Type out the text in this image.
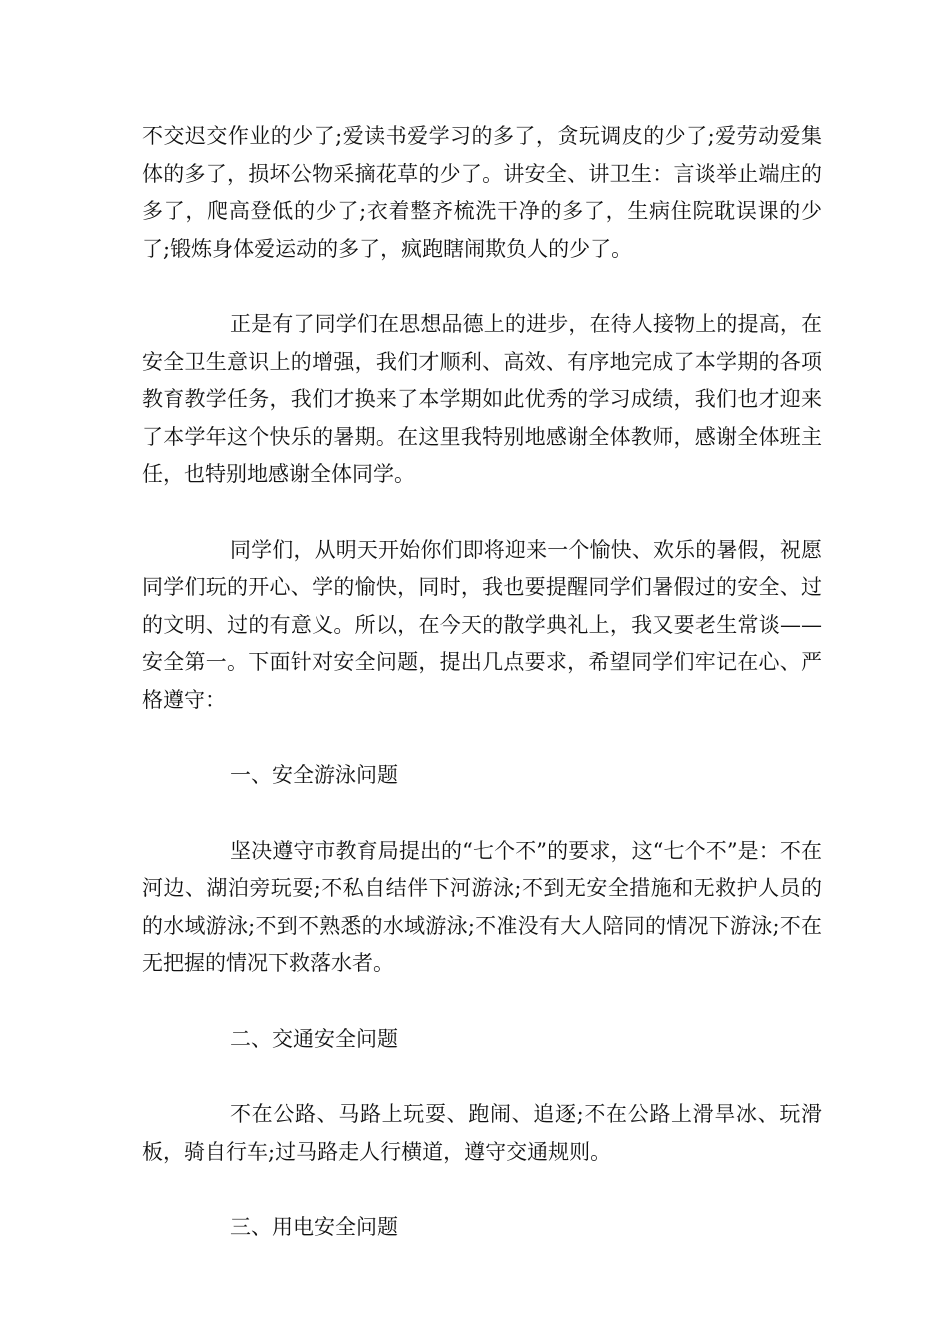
不交迟交作业的少了;爱读书爱学习的多了，贪玩调皮的少了;爱劳动爱集体的多了，损坏公物采摘花草的少了。讲安全、讲卫生：言谈举止端庄的多了，爬高登低的少了;衣着整齐梳洗干净的多了，生病住院耽误课的少了;锻炼身体爱运动的多了，疯跑瞎闹欺负人的少了。

正是有了同学们在思想品德上的进步，在待人接物上的提高，在安全卫生意识上的增强，我们才顺利、高效、有序地完成了本学期的各项教育教学任务，我们才换来了本学期如此优秀的学习成绩，我们也才迎来了本学年这个快乐的暑期。在这里我特别地感谢全体教师，感谢全体班主任，也特别地感谢全体同学。

同学们，从明天开始你们即将迎来一个愉快、欢乐的暑假，祝愿同学们玩的开心、学的愉快，同时，我也要提醒同学们暑假过的安全、过的文明、过的有意义。所以，在今天的散学典礼上，我又要老生常谈——安全第一。下面针对安全问题，提出几点要求，希望同学们牢记在心、严格遵守：

一、安全游泳问题

坚决遵守市教育局提出的“七个不”的要求，这“七个不”是：不在河边、湖泊旁玩耍;不私自结伴下河游泳;不到无安全措施和无救护人员的的水域游泳;不到不熟悉的水域游泳;不准没有大人陪同的情况下游泳;不在无把握的情况下救落水者。

二、交通安全问题

不在公路、马路上玩耍、跑闹、追逐;不在公路上滑旱冰、玩滑板，骑自行车;过马路走人行横道，遵守交通规则。

三、用电安全问题
